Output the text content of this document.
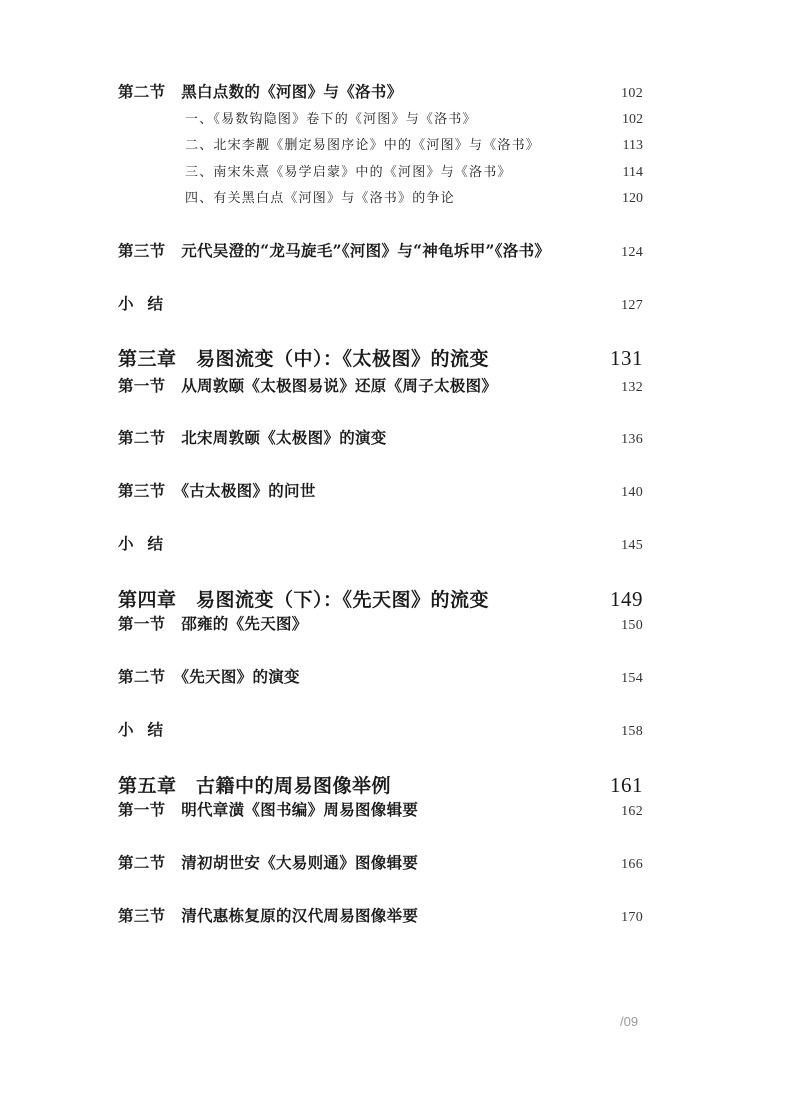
第二节　黑白点数的《河图》与《洛书》	102
一、《易数钩隐图》卷下的《河图》与《洛书》	102
二、北宋李觏《删定易图序论》中的《河图》与《洛书》	113
三、南宋朱熹《易学启蒙》中的《河图》与《洛书》	114
四、有关黑白点《河图》与《洛书》的争论	120
第三节　元代吴澄的“龙马旋毛”《河图》与“神龟坼甲”《洛书》	124
小结	127
第三章　易图流变（中）：《太极图》的流变	131
第一节　从周敦颐《太极图易说》还原《周子太极图》	132
第二节　北宋周敦颐《太极图》的演变	136
第三节　《古太极图》的问世	140
小结	145
第四章　易图流变（下）：《先天图》的流变	149
第一节　邵雍的《先天图》	150
第二节　《先天图》的演变	154
小结	158
第五章　古籍中的周易图像举例	161
第一节　明代章潢《图书编》周易图像辑要	162
第二节　清初胡世安《大易则通》图像辑要	166
第三节　清代惠栋复原的汉代周易图像举要	170
/09
